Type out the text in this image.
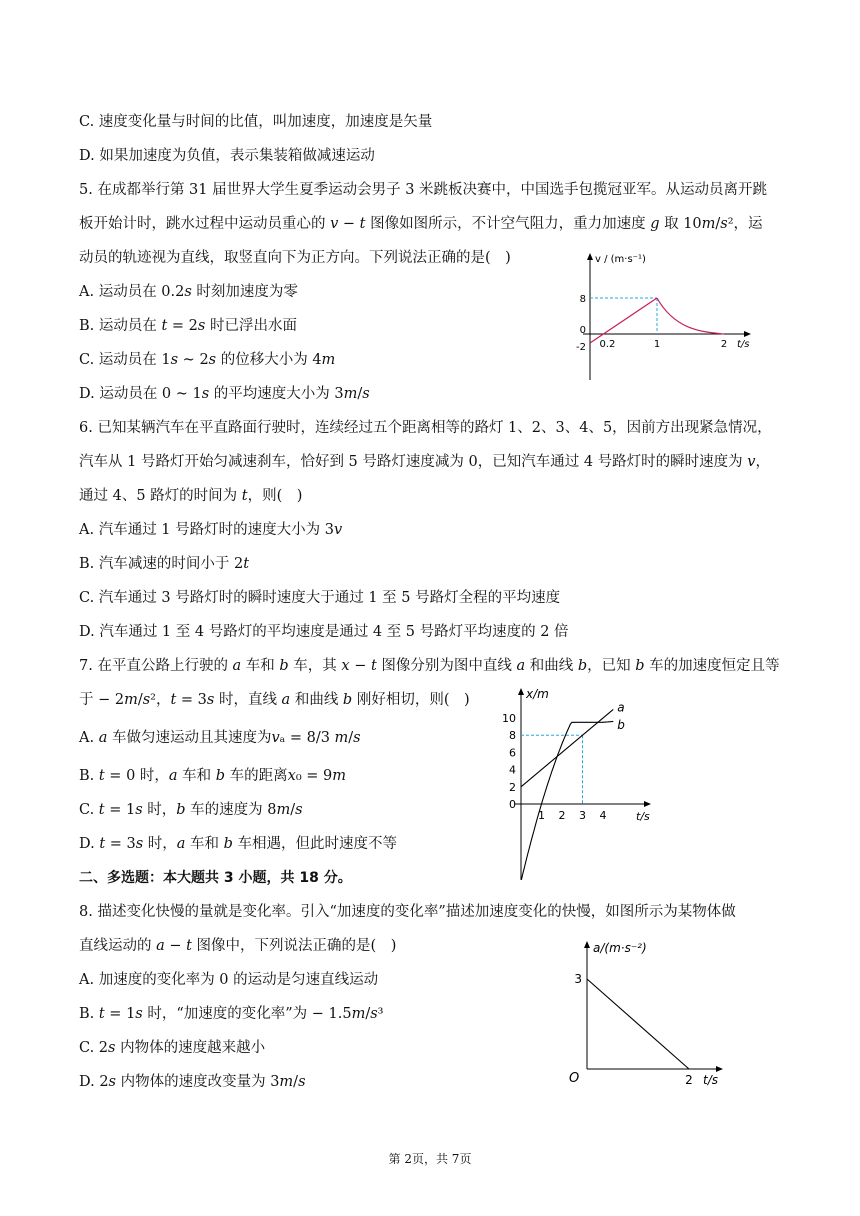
C. 速度变化量与时间的比值，叫加速度，加速度是矢量
D. 如果加速度为负值，表示集装箱做减速运动
5. 在成都举行第 31 届世界大学生夏季运动会男子 3 米跳板决赛中，中国选手包揽冠亚军。从运动员离开跳
板开始计时，跳水过程中运动员重心的 𝑣 − 𝑡 图像如图所示，不计空气阻力，重力加速度 𝑔 取 10𝑚/𝑠²，运
动员的轨迹视为直线，取竖直向下为正方向。下列说法正确的是(　)
A. 运动员在 0.2𝑠 时刻加速度为零
B. 运动员在 𝑡 = 2𝑠 时已浮出水面
C. 运动员在 1𝑠 ~ 2𝑠 的位移大小为 4𝑚
D. 运动员在 0 ~ 1𝑠 的平均速度大小为 3𝑚/𝑠
6. 已知某辆汽车在平直路面行驶时，连续经过五个距离相等的路灯 1、2、3、4、5，因前方出现紧急情况，
汽车从 1 号路灯开始匀减速刹车，恰好到 5 号路灯速度减为 0，已知汽车通过 4 号路灯时的瞬时速度为 𝑣，
通过 4、5 路灯的时间为 𝑡，则(　)
A. 汽车通过 1 号路灯时的速度大小为 3𝑣
B. 汽车减速的时间小于 2𝑡
C. 汽车通过 3 号路灯时的瞬时速度大于通过 1 至 5 号路灯全程的平均速度
D. 汽车通过 1 至 4 号路灯的平均速度是通过 4 至 5 号路灯平均速度的 2 倍
7. 在平直公路上行驶的 𝑎 车和 𝑏 车，其 𝑥 − 𝑡 图像分别为图中直线 𝑎 和曲线 𝑏，已知 𝑏 车的加速度恒定且等
于 − 2𝑚/𝑠²，𝑡 = 3𝑠 时，直线 𝑎 和曲线 𝑏 刚好相切，则(　)
A. 𝑎 车做匀速运动且其速度为𝑣ₐ = 8/3 𝑚/𝑠
B. 𝑡 = 0 时，𝑎 车和 𝑏 车的距离𝑥₀ = 9𝑚
C. 𝑡 = 1𝑠 时，𝑏 车的速度为 8𝑚/𝑠
D. 𝑡 = 3𝑠 时，𝑎 车和 𝑏 车相遇，但此时速度不等
二、多选题：本大题共 3 小题，共 18 分。
8. 描述变化快慢的量就是变化率。引入“加速度的变化率”描述加速度变化的快慢，如图所示为某物体做
直线运动的 𝑎 − 𝑡 图像中，下列说法正确的是(　)
A. 加速度的变化率为 0 的运动是匀速直线运动
B. 𝑡 = 1𝑠 时，“加速度的变化率”为 − 1.5𝑚/𝑠³
C. 2𝑠 内物体的速度越来越小
D. 2𝑠 内物体的速度改变量为 3𝑚/𝑠
v / (m·s⁻¹)
t/s
8
0
-2 0.2	1	2
x/m
t/s
a
b
10
8
6
4
2
0
1 2 3 4
a/(m·s⁻²)
t/s
O
3
2
第 2页，共 7页
